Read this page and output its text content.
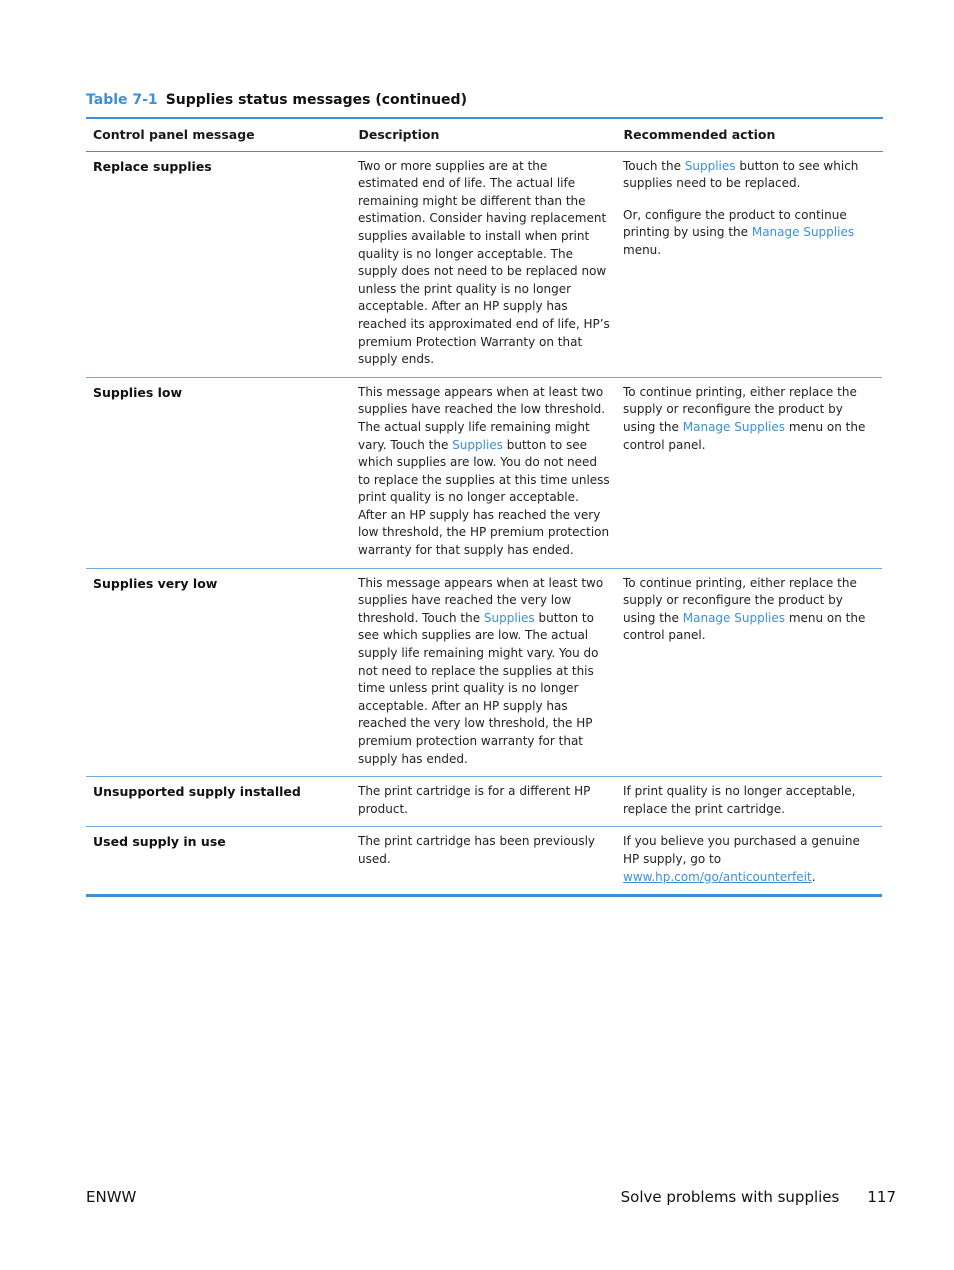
Table 7-1 Supplies status messages (continued)
Control panel message	Description	Recommended action
Replace supplies	Two or more supplies are at the estimated end of life. The actual life remaining might be different than the estimation. Consider having replacement supplies available to install when print quality is no longer acceptable. The supply does not need to be replaced now unless the print quality is no longer acceptable. After an HP supply has reached its approximated end of life, HP’s premium Protection Warranty on that supply ends.	Touch the Supplies button to see which supplies need to be replaced.
Or, configure the product to continue printing by using the Manage Supplies menu.

Supplies low	This message appears when at least two supplies have reached the low threshold. The actual supply life remaining might vary. Touch the Supplies button to see which supplies are low. You do not need to replace the supplies at this time unless print quality is no longer acceptable. After an HP supply has reached the very low threshold, the HP premium protection warranty for that supply has ended.	To continue printing, either replace the supply or reconfigure the product by using the Manage Supplies menu on the control panel.
Supplies very low	This message appears when at least two supplies have reached the very low threshold. Touch the Supplies button to see which supplies are low. The actual supply life remaining might vary. You do not need to replace the supplies at this time unless print quality is no longer acceptable. After an HP supply has reached the very low threshold, the HP premium protection warranty for that supply has ended.	To continue printing, either replace the supply or reconfigure the product by using the Manage Supplies menu on the control panel.
Unsupported supply installed	The print cartridge is for a different HP product.	If print quality is no longer acceptable, replace the print cartridge.
Used supply in use	The print cartridge has been previously used.	If you believe you purchased a genuine HP supply, go to www.hp.com/go/anticounterfeit.
ENWW	Solve problems with supplies 117
